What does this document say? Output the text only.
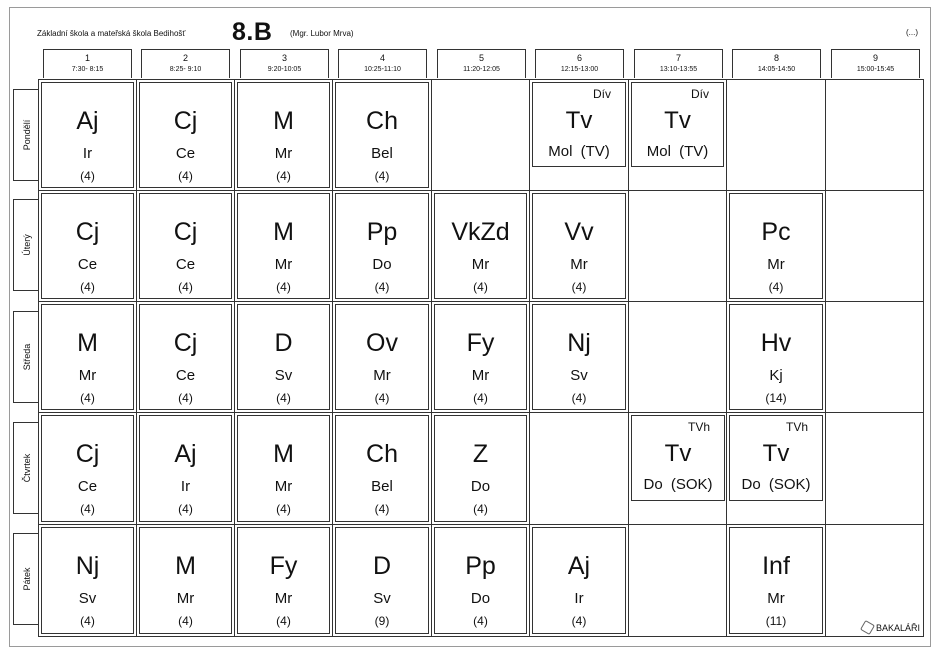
Základní škola a mateřská škola Bedihošť 8.B (Mgr. Lubor Mrva)	(...)
1
7:30- 8:15
2
8:25- 9:10
3
9:20-10:05
4
10:25-11:10
5
11:20-12:05
6
12:15-13:00
7
13:10-13:55
8
14:05-14:50
9
15:00-15:45
Pondělí
Úterý
Středa
Čtvrtek
Pátek
Aj
Ir
(4)
Cj
Ce
(4)
M
Mr
(4)
Ch
Bel
(4)
Dív
Tv
Mol (TV)
Dív
Tv
Mol (TV)
Cj
Ce
(4)
Cj
Ce
(4)
M
Mr
(4)
Pp
Do
(4)
VkZd
Mr
(4)
Vv
Mr
(4)
Pc
Mr
(4)
M
Mr
(4)
Cj
Ce
(4)
D
Sv
(4)
Ov
Mr
(4)
Fy
Mr
(4)
Nj
Sv
(4)
Hv
Kj
(14)
Cj
Ce
(4)
Aj
Ir
(4)
M
Mr
(4)
Ch
Bel
(4)
Z
Do
(4)
TVh
Tv
Do (SOK)
TVh
Tv
Do (SOK)
Nj
Sv
(4)
M
Mr
(4)
Fy
Mr
(4)
D
Sv
(9)
Pp
Do
(4)
Aj
Ir
(4)
Inf
Mr
(11)	BAKALÁŘI
